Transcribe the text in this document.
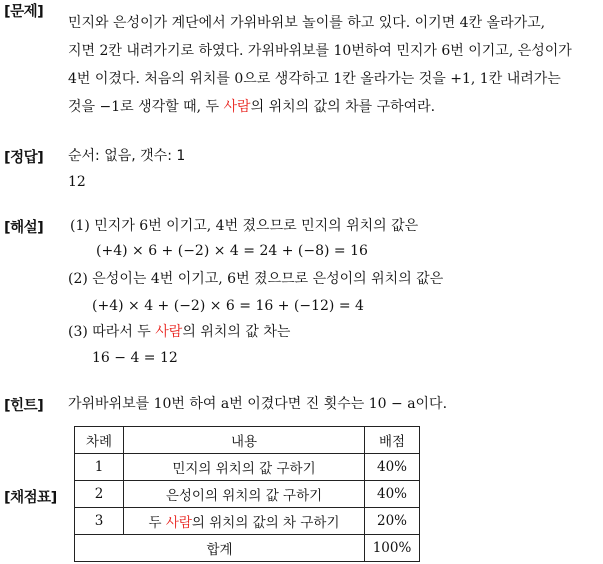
[문제]
민지와 은성이가 계단에서 가위바위보 놀이를 하고 있다. 이기면 4칸 올라가고,
지면 2칸 내려가기로 하였다. 가위바위보를 10번하여 민지가 6번 이기고, 은성이가
4번 이겼다. 처음의 위치를 0으로 생각하고 1칸 올라가는 것을 +1, 1칸 내려가는
것을 −1로 생각할 때, 두 사람의 위치의 값의 차를 구하여라.
[정답] 순서: 없음, 갯수: 1
12
[해설] (1) 민지가 6번 이기고, 4번 졌으므로 민지의 위치의 값은
(+4) × 6 + (−2) × 4 = 24 + (−8) = 16
(2) 은성이는 4번 이기고, 6번 졌으므로 은성이의 위치의 값은
(+4) × 4 + (−2) × 6 = 16 + (−12) = 4
(3) 따라서 두 사람의 위치의 값 차는
16 − 4 = 12
[힌트] 가위바위보를 10번 하여 a번 이겼다면 진 횟수는 10 − a이다.
[채점표]
차례	내용	배점
1	민지의 위치의 값 구하기	40%
2	은성이의 위치의 값 구하기	40%
3	두 사람의 위치의 값의 차 구하기	20%
합계		100%
